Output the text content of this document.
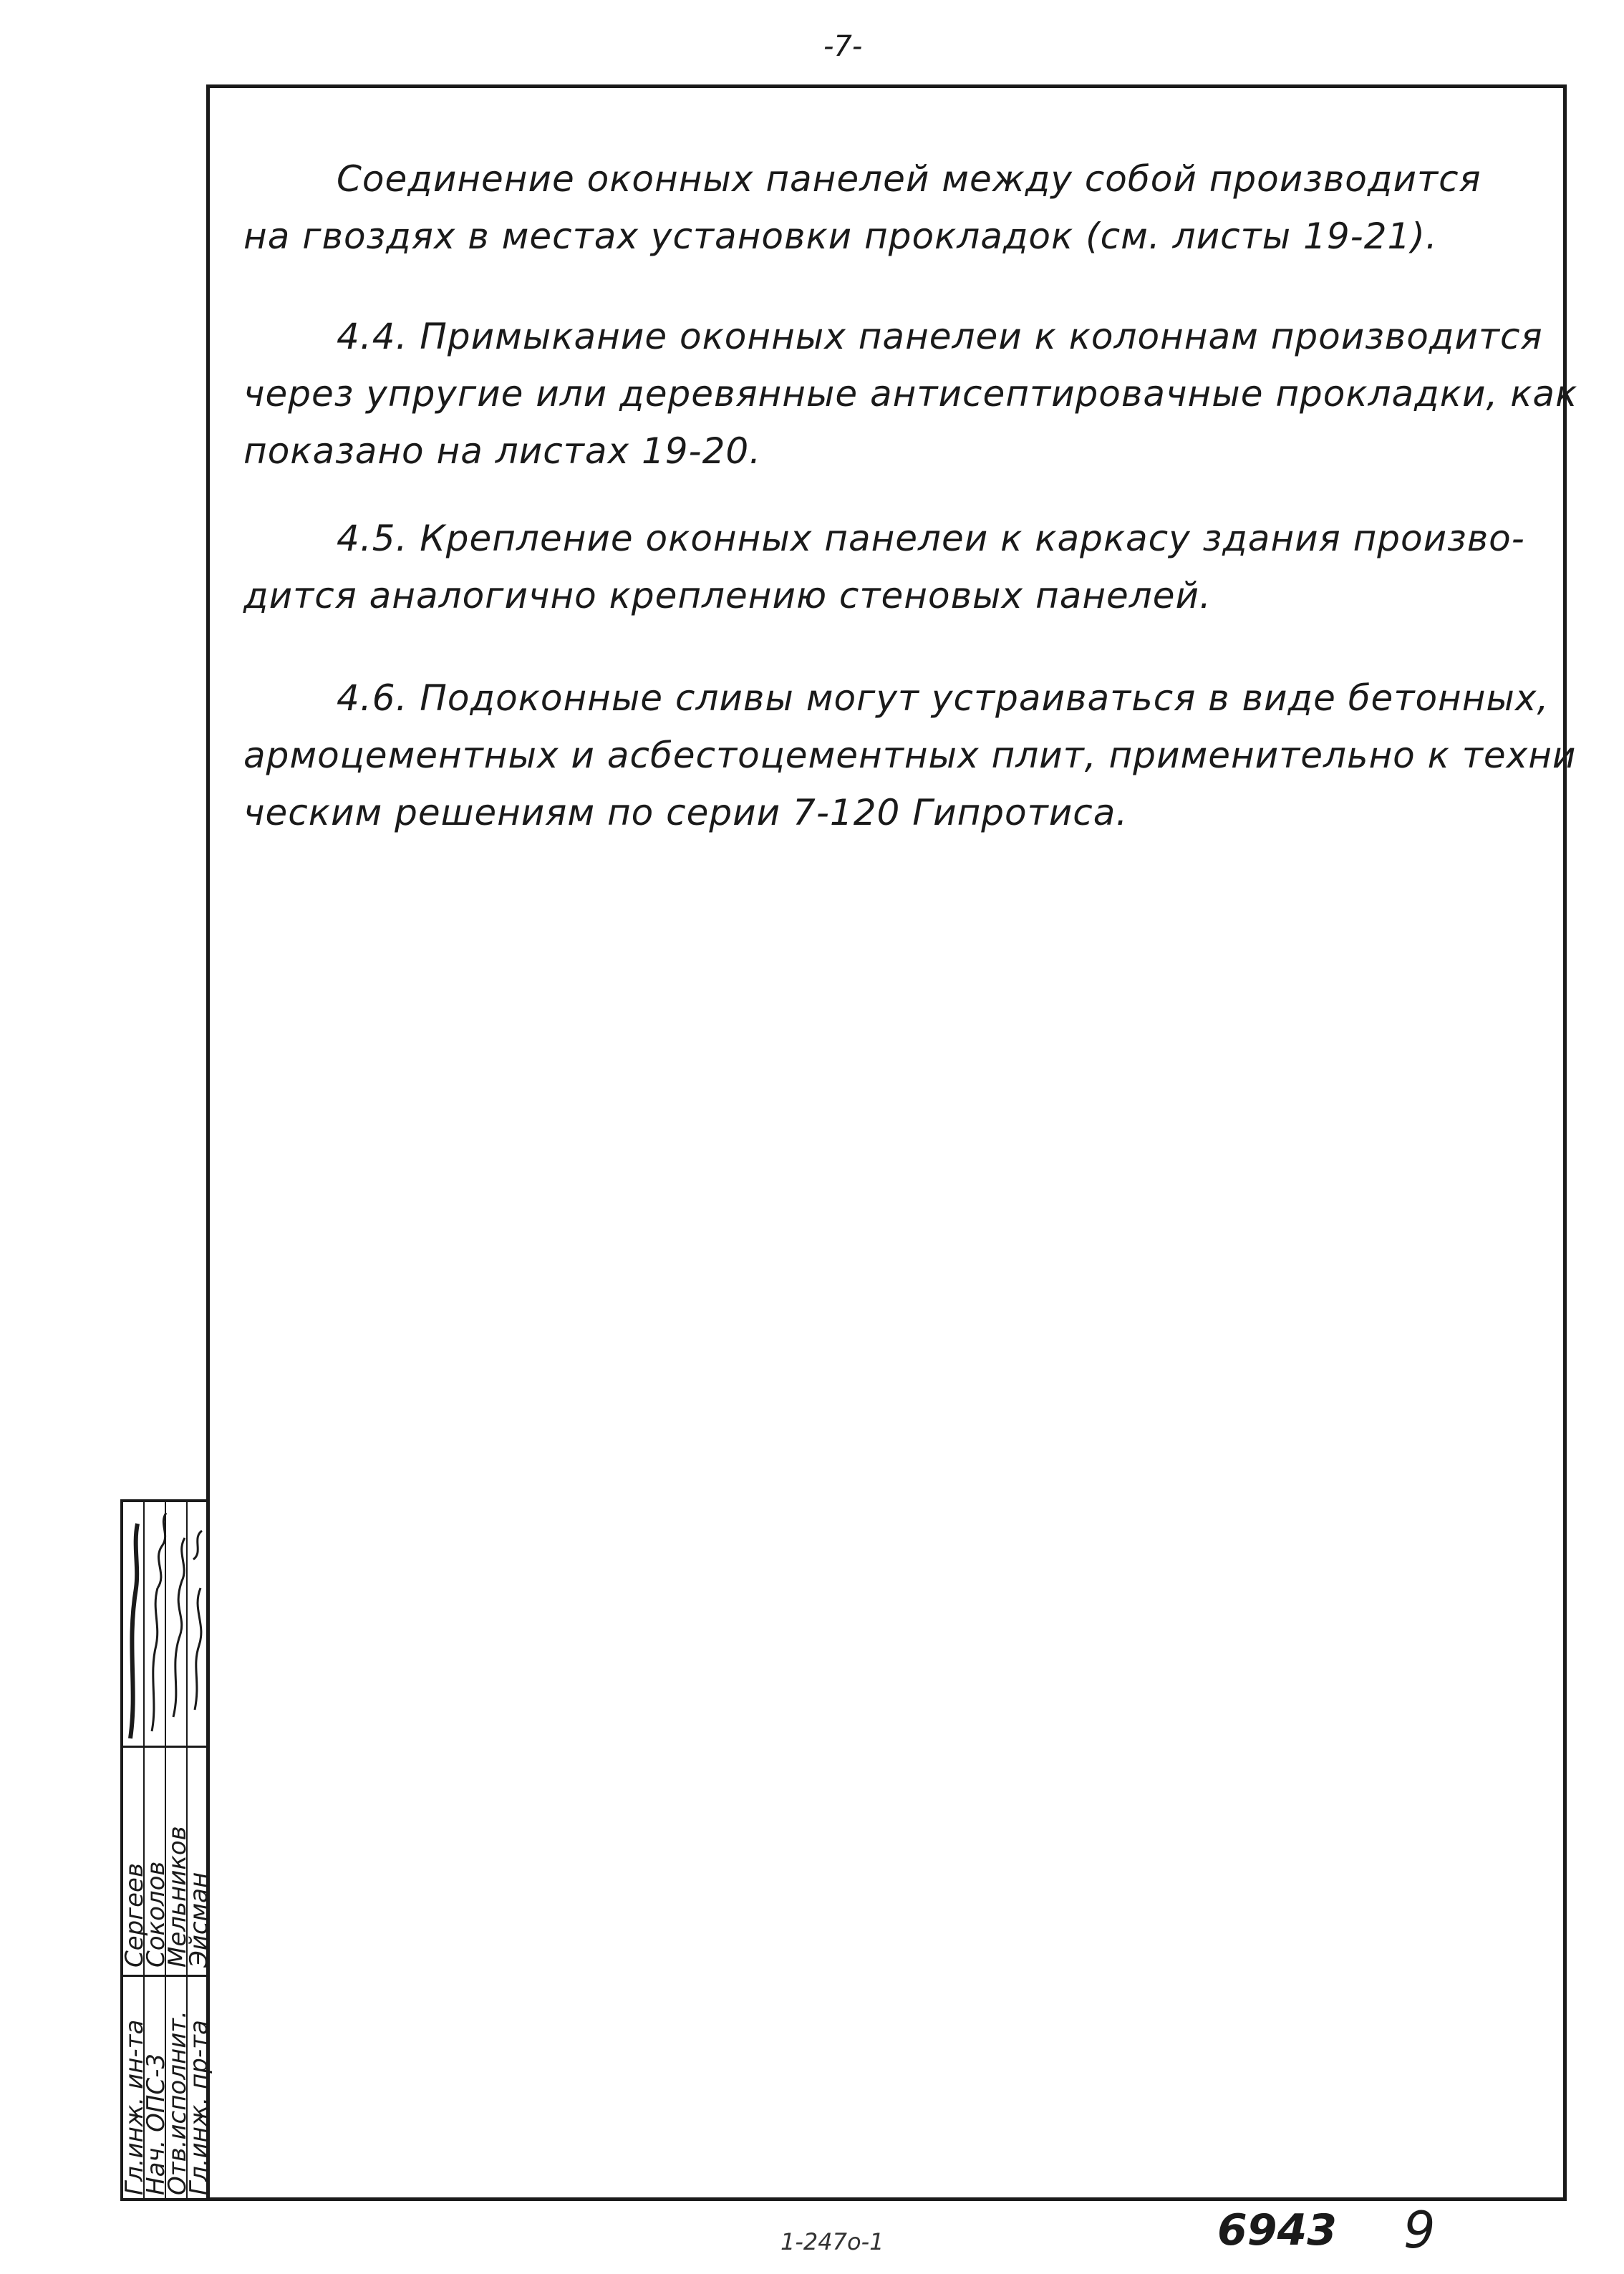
-7-
Соединение оконных панелей между собой производится
на гвоздях в местах установки прокладок (см. листы 19-21).
4.4. Примыкание оконных панелеи к колоннам производится
через упругие или деревянные антисептировачные прокладки, как
показано на листах 19-20.
4.5. Крепление оконных панелеи к каркасу здания произво-
дится аналогично креплению стеновых панелей.
4.6. Подоконные сливы могут устраиваться в виде бетонных,
армоцементных и асбестоцементных плит, применительно к техни
ческим решениям по серии 7-120 Гипротиса.
Гл.инж. ин-та
Нач. ОПС-3
Отв.исполнит.
Гл.инж. пр-та
Сергеев
Соколов
Мельников
Эйсман
1-247о-1	6943 9
